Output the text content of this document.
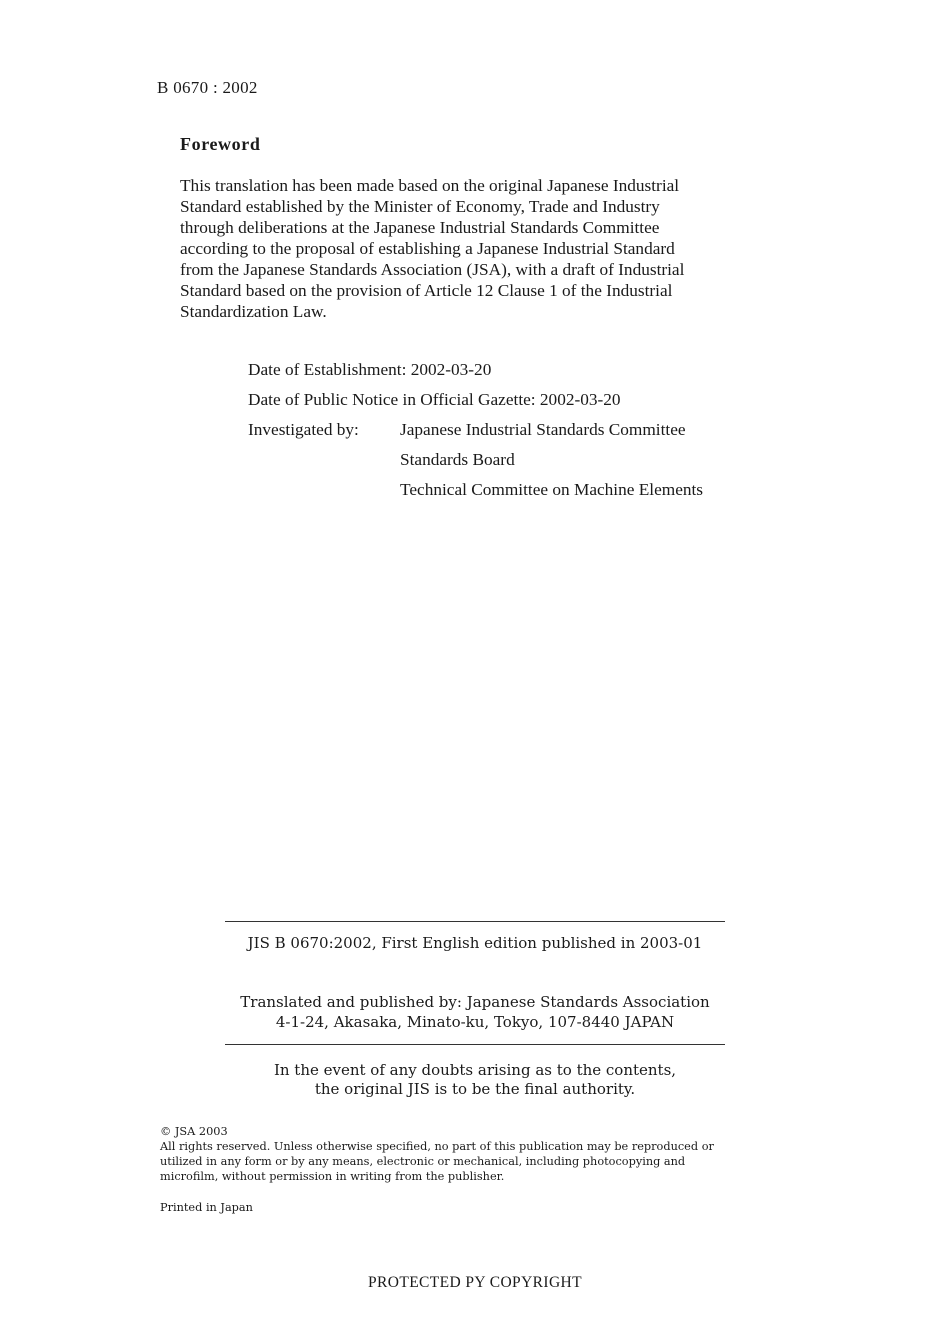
B 0670 : 2002
Foreword
This translation has been made based on the original Japanese Industrial
Standard established by the Minister of Economy, Trade and Industry
through deliberations at the Japanese Industrial Standards Committee
according to the proposal of establishing a Japanese Industrial Standard
from the Japanese Standards Association (JSA), with a draft of Industrial
Standard based on the provision of Article 12 Clause 1 of the Industrial
Standardization Law.
Date of Establishment: 2002-03-20
Date of Public Notice in Official Gazette: 2002-03-20
Investigated by: Japanese Industrial Standards Committee
Standards Board
Technical Committee on Machine Elements
JIS B 0670:2002, First English edition published in 2003-01
Translated and published by: Japanese Standards Association
4-1-24, Akasaka, Minato-ku, Tokyo, 107-8440 JAPAN
In the event of any doubts arising as to the contents,
the original JIS is to be the final authority.
© JSA 2003
All rights reserved. Unless otherwise specified, no part of this publication may be reproduced or
utilized in any form or by any means, electronic or mechanical, including photocopying and
microfilm, without permission in writing from the publisher.
Printed in Japan
PROTECTED PY COPYRIGHT
